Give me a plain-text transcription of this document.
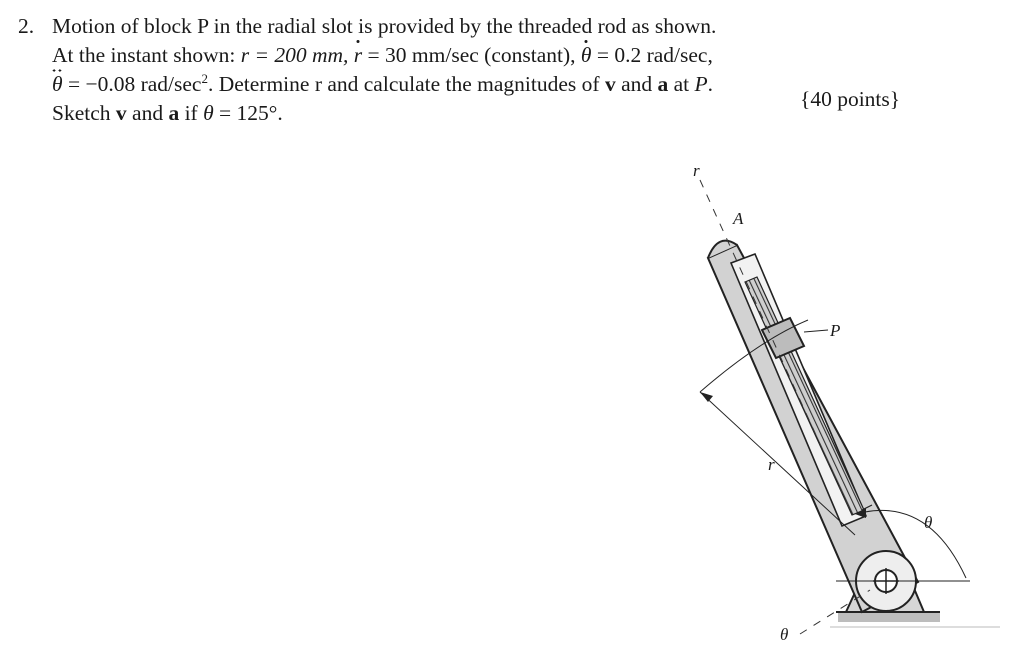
2. Motion of block P in the radial slot is provided by the threaded rod as shown.
At the instant shown: r = 200 mm, r = 30 mm/sec (constant), θ = 0.2 rad/sec,
θ = −0.08 rad/$\sec^2$. Determine r and calculate the magnitudes of v and a at P.
Sketch v and a if θ = 125°.
{40 points}
r
A
P
r
θ
θ
